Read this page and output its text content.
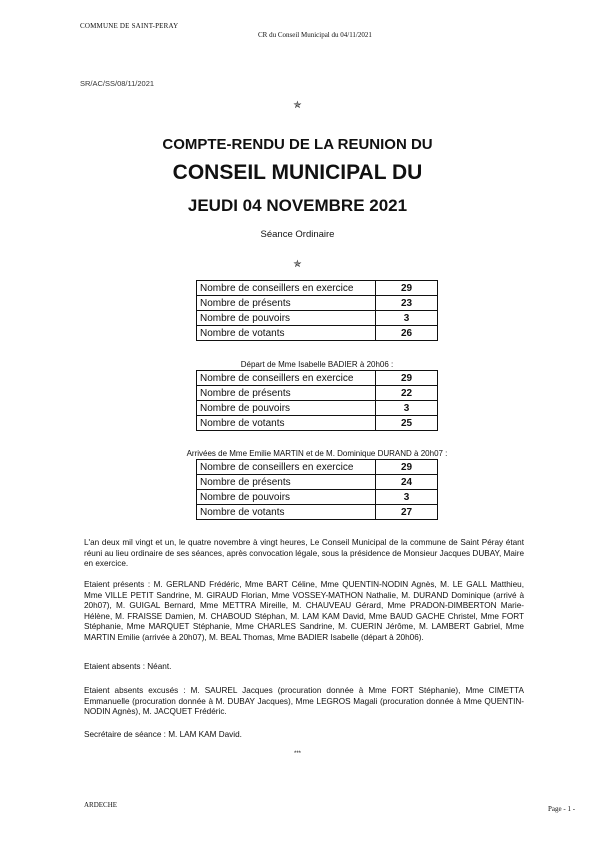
COMMUNE DE SAINT-PERAY
CR du Conseil Municipal du 04/11/2021
SR/AC/SS/08/11/2021
✯
COMPTE-RENDU DE LA REUNION DU
CONSEIL MUNICIPAL DU
JEUDI 04 NOVEMBRE 2021
Séance Ordinaire
✯
Nombre de conseillers en exercice	29
Nombre de présents	23
Nombre de pouvoirs	3
Nombre de votants	26
Départ de Mme Isabelle BADIER à 20h06 :
Nombre de conseillers en exercice	29
Nombre de présents	22
Nombre de pouvoirs	3
Nombre de votants	25
Arrivées de Mme Emilie MARTIN et de M. Dominique DURAND à 20h07 :
Nombre de conseillers en exercice	29
Nombre de présents	24
Nombre de pouvoirs	3
Nombre de votants	27
L'an deux mil vingt et un, le quatre novembre à vingt heures, Le Conseil Municipal de la commune de Saint Péray étant réuni au lieu ordinaire de ses séances, après convocation légale, sous la présidence de Monsieur Jacques DUBAY, Maire en exercice.
Etaient présents : M. GERLAND Frédéric, Mme BART Céline, Mme QUENTIN-NODIN Agnès, M. LE GALL Matthieu, Mme VILLE PETIT Sandrine, M. GIRAUD Florian, Mme VOSSEY-MATHON Nathalie, M. DURAND Dominique (arrivé à 20h07), M. GUIGAL Bernard, Mme METTRA Mireille, M. CHAUVEAU Gérard, Mme PRADON-DIMBERTON Marie-Hélène, M. FRAISSE Damien, M. CHABOUD Stéphan, M. LAM KAM David, Mme BAUD GACHE Christel, Mme FORT Stéphanie, Mme MARQUET Stéphanie, Mme CHARLES Sandrine, M. CUERIN Jérôme, M. LAMBERT Gabriel, Mme MARTIN Emilie (arrivée à 20h07), M. BEAL Thomas, Mme BADIER Isabelle (départ à 20h06).
Etaient absents : Néant.
Etaient absents excusés : M. SAUREL Jacques (procuration donnée à Mme FORT Stéphanie), Mme CIMETTA Emmanuelle (procuration donnée à M. DUBAY Jacques), Mme LEGROS Magali (procuration donnée à Mme QUENTIN-NODIN Agnès), M. JACQUET Frédéric.
Secrétaire de séance : M. LAM KAM David.
***
ARDECHE	Page - 1 -
